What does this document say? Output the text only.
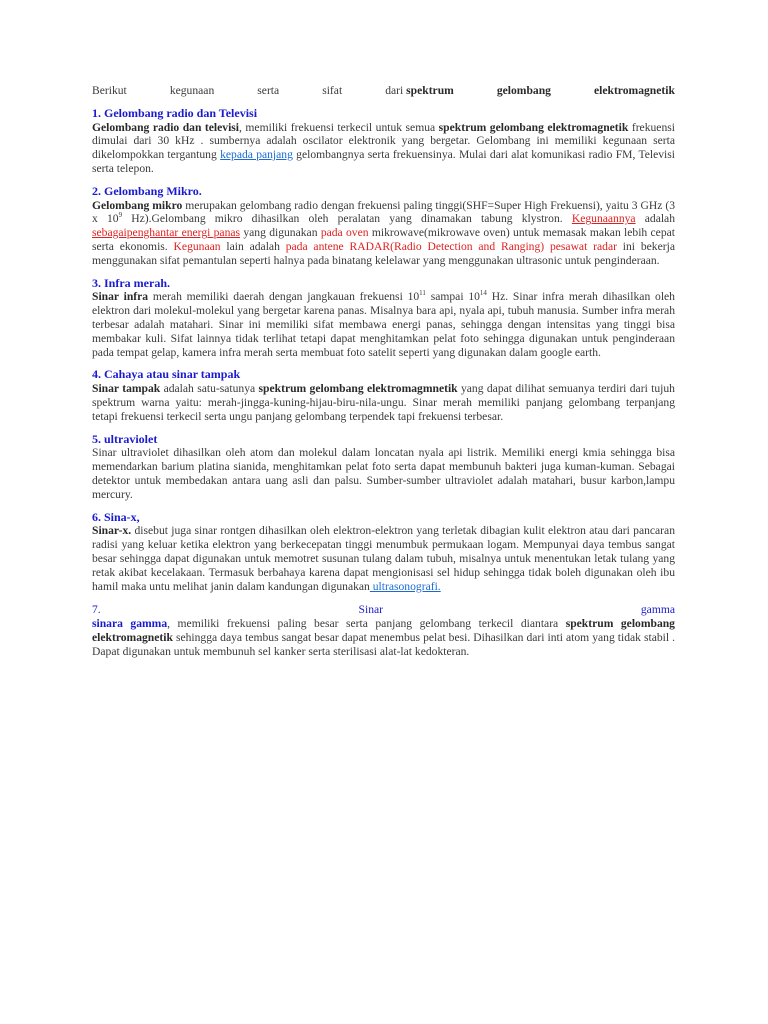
Berikut	kegunaan	serta	sifat	dari spektrum	gelombang	elektromagnetik

1. Gelombang radio dan Televisi

Gelombang radio dan televisi, memiliki frekuensi terkecil untuk semua spektrum gelombang elektromagnetik frekuensi dimulai dari 30 kHz . sumbernya adalah oscilator elektronik yang bergetar. Gelombang ini memiliki kegunaan serta dikelompokkan tergantung kepada panjang gelombangnya serta frekuensinya. Mulai dari alat komunikasi radio FM, Televisi serta telepon.

2. Gelombang Mikro.

Gelombang mikro merupakan gelombang radio dengan frekuensi paling tinggi(SHF=Super High Frekuensi), yaitu 3 GHz (3 x $10^9$ Hz).Gelombang mikro dihasilkan oleh peralatan yang dinamakan tabung klystron. Kegunaannya adalah sebagaipenghantar energi panas yang digunakan pada oven mikrowave(mikrowave oven) untuk memasak makan lebih cepat serta ekonomis. Kegunaan lain adalah pada antene RADAR(Radio Detection and Ranging) pesawat radar ini bekerja menggunakan sifat pemantulan seperti halnya pada binatang kelelawar yang menggunakan ultrasonic untuk penginderaan.

3. Infra merah.

Sinar infra merah memiliki daerah dengan jangkauan frekuensi $10^{11}$ sampai $10^{14}$ Hz. Sinar infra merah dihasilkan oleh elektron dari molekul-molekul yang bergetar karena panas. Misalnya bara api, nyala api, tubuh manusia. Sumber infra merah terbesar adalah matahari. Sinar ini memiliki sifat membawa energi panas, sehingga dengan intensitas yang tinggi bisa membakar kuli. Sifat lainnya tidak terlihat tetapi dapat menghitamkan pelat foto sehingga digunakan untuk penginderaan pada tempat gelap, kamera infra merah serta membuat foto satelit seperti yang digunakan dalam google earth.

4. Cahaya atau sinar tampak

Sinar tampak adalah satu-satunya spektrum gelombang elektromagmnetik yang dapat dilihat semuanya terdiri dari tujuh spektrum warna yaitu: merah-jingga-kuning-hijau-biru-nila-ungu. Sinar merah memiliki panjang gelombang terpanjang tetapi frekuensi terkecil serta ungu panjang gelombang terpendek tapi frekuensi terbesar.

5. ultraviolet

Sinar ultraviolet dihasilkan oleh atom dan molekul dalam loncatan nyala api listrik. Memiliki energi kmia sehingga bisa memendarkan barium platina sianida, menghitamkan pelat foto serta dapat membunuh bakteri juga kuman-kuman. Sebagai detektor untuk membedakan antara uang asli dan palsu. Sumber-sumber ultraviolet adalah matahari, busur karbon,lampu mercury.

6. Sina-x,

Sinar-x. disebut juga sinar rontgen dihasilkan oleh elektron-elektron yang terletak dibagian kulit elektron atau dari pancaran radisi yang keluar ketika elektron yang berkecepatan tinggi menumbuk permukaan logam. Mempunyai daya tembus sangat besar sehingga dapat digunakan untuk memotret susunan tulang dalam tubuh, misalnya untuk menentukan letak tulang yang retak akibat kecelakaan. Termasuk berbahaya karena dapat mengionisasi sel hidup sehingga tidak boleh digunakan oleh ibu hamil maka untu melihat janin dalam kandungan digunakan ultrasonografi.

7.	Sinar	gamma

sinara gamma, memiliki frekuensi paling besar serta panjang gelombang terkecil diantara spektrum gelombang elektromagnetik sehingga daya tembus sangat besar dapat menembus pelat besi. Dihasilkan dari inti atom yang tidak stabil . Dapat digunakan untuk membunuh sel kanker serta sterilisasi alat-lat kedokteran.
